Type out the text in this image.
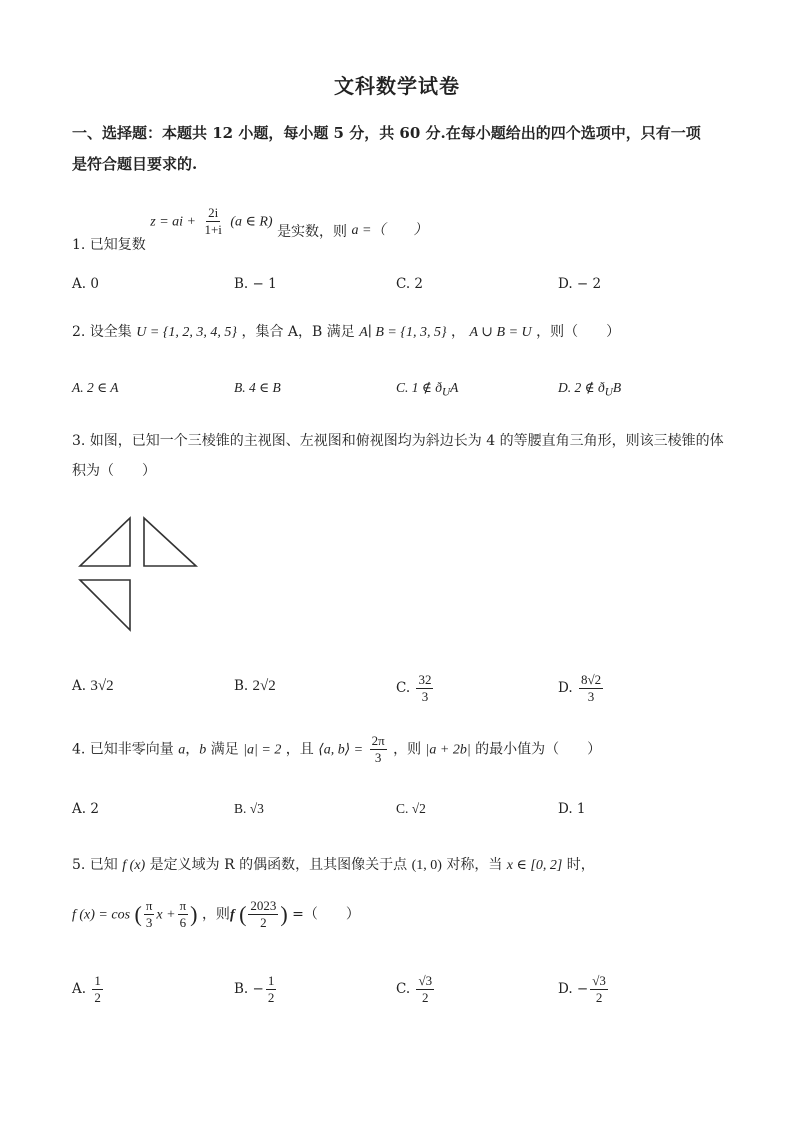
文科数学试卷
一、选择题：本题共 12 小题，每小题 5 分，共 60 分.在每小题给出的四个选项中，只有一项
是符合题目要求的.
1. 已知复数 z = ai + $\frac{2i}{1+i} (a$ ∈ R) 是实数，则 a =（　　）
A. 0	B. − 1	C. 2	D. − 2
2. 设全集 U = {1, 2, 3, 4, 5} ，集合 A，B 满足 A∣ B = {1, 3, 5} ， A ∪ B = U ，则（　　）
A. 2 ∈ A	B. 4 ∈ B	C. 1 ∉ $ð_UA$	D. 2 ∉ $ð_UB$
3. 如图，已知一个三棱锥的主视图、左视图和俯视图均为斜边长为 4 的等腰直角三角形，则该三棱锥的体
积为（　　）
A. 3√2	B. 2√2	C. $\frac{32}{3}$	D. $\frac{8√2}{3}$
4. 已知非零向量 a，b 满足 |a| = 2 ，且 ⟨a, b⟩ = $\frac{2\pi}{3}$ ，则 |a + 2b| 的最小值为（　　）
A. 2	B. √3	C. √2	D. 1
5. 已知 f (x) 是定义域为 R 的偶函数，且其图像关于点 (1, 0) 对称，当 x ∈ [0, 2] 时，
f (x) = cos ( $\frac{\pi}{3}$ $x + \frac{\pi}{6}$ ) ，则f ( $\frac{2023}{2}$ ) =（　　）
A. $\frac{1}{2}$	B. − $\frac{1}{2}$	C. $\frac{√3}{2}$	D. − $\frac{√3}{2}$
